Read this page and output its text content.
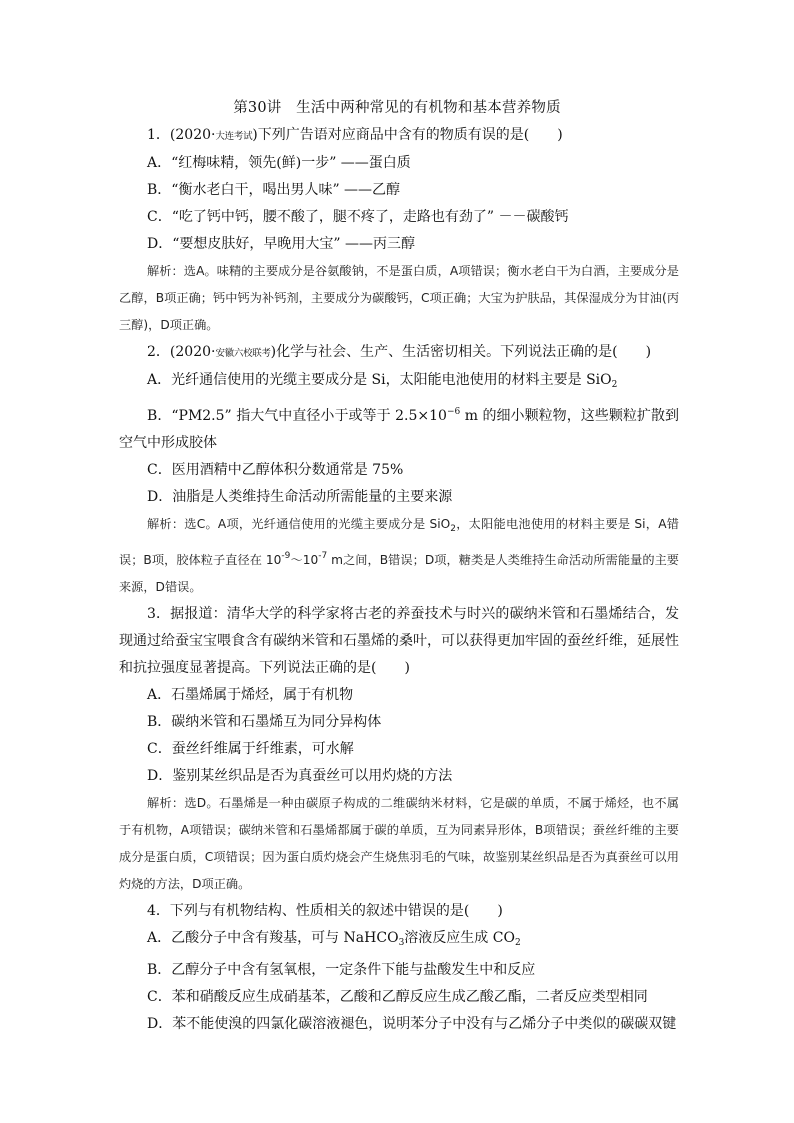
第30讲　生活中两种常见的有机物和基本营养物质

1．(2020·大连考试)下列广告语对应商品中含有的物质有误的是(　　)

A．“红梅味精，领先(鲜)一步” ——蛋白质

B．“衡水老白干，喝出男人味” ——乙醇

C．“吃了钙中钙，腰不酸了，腿不疼了，走路也有劲了” －－碳酸钙

D．“要想皮肤好，早晚用大宝” ——丙三醇

解析：选A。味精的主要成分是谷氨酸钠，不是蛋白质，A项错误；衡水老白干为白酒，主要成分是乙醇，B项正确；钙中钙为补钙剂，主要成分为碳酸钙，C项正确；大宝为护肤品，其保湿成分为甘油(丙三醇)，D项正确。

2．(2020·安徽六校联考)化学与社会、生产、生活密切相关。下列说法正确的是(　　)

A．光纤通信使用的光缆主要成分是 Si，太阳能电池使用的材料主要是 SiO$_2$

B．“PM2.5” 指大气中直径小于或等于 $2.5\times 10^{-6}$ m 的细小颗粒物，这些颗粒扩散到空气中形成胶体

C．医用酒精中乙醇体积分数通常是 75%

D．油脂是人类维持生命活动所需能量的主要来源

解析：选C。A项，光纤通信使用的光缆主要成分是 SiO$_2$，太阳能电池使用的材料主要是 Si，A错误；B项，胶体粒子直径在 $10^{-9}\sim 10^{-7}$ m之间，B错误；D项，糖类是人类维持生命活动所需能量的主要来源，D错误。

3．据报道：清华大学的科学家将古老的养蚕技术与时兴的碳纳米管和石墨烯结合，发现通过给蚕宝宝喂食含有碳纳米管和石墨烯的桑叶，可以获得更加牢固的蚕丝纤维，延展性和抗拉强度显著提高。下列说法正确的是(　　)

A．石墨烯属于烯烃，属于有机物

B．碳纳米管和石墨烯互为同分异构体

C．蚕丝纤维属于纤维素，可水解

D．鉴别某丝织品是否为真蚕丝可以用灼烧的方法

解析：选D。石墨烯是一种由碳原子构成的二维碳纳米材料，它是碳的单质，不属于烯烃，也不属于有机物，A项错误；碳纳米管和石墨烯都属于碳的单质，互为同素异形体，B项错误；蚕丝纤维的主要成分是蛋白质，C项错误；因为蛋白质灼烧会产生烧焦羽毛的气味，故鉴别某丝织品是否为真蚕丝可以用灼烧的方法，D项正确。

4．下列与有机物结构、性质相关的叙述中错误的是(　　)

A．乙酸分子中含有羧基，可与 NaHCO$_3$溶液反应生成 $CO_2$

B．乙醇分子中含有氢氧根，一定条件下能与盐酸发生中和反应

C．苯和硝酸反应生成硝基苯，乙酸和乙醇反应生成乙酸乙酯，二者反应类型相同

D．苯不能使溴的四氯化碳溶液褪色，说明苯分子中没有与乙烯分子中类似的碳碳双键
